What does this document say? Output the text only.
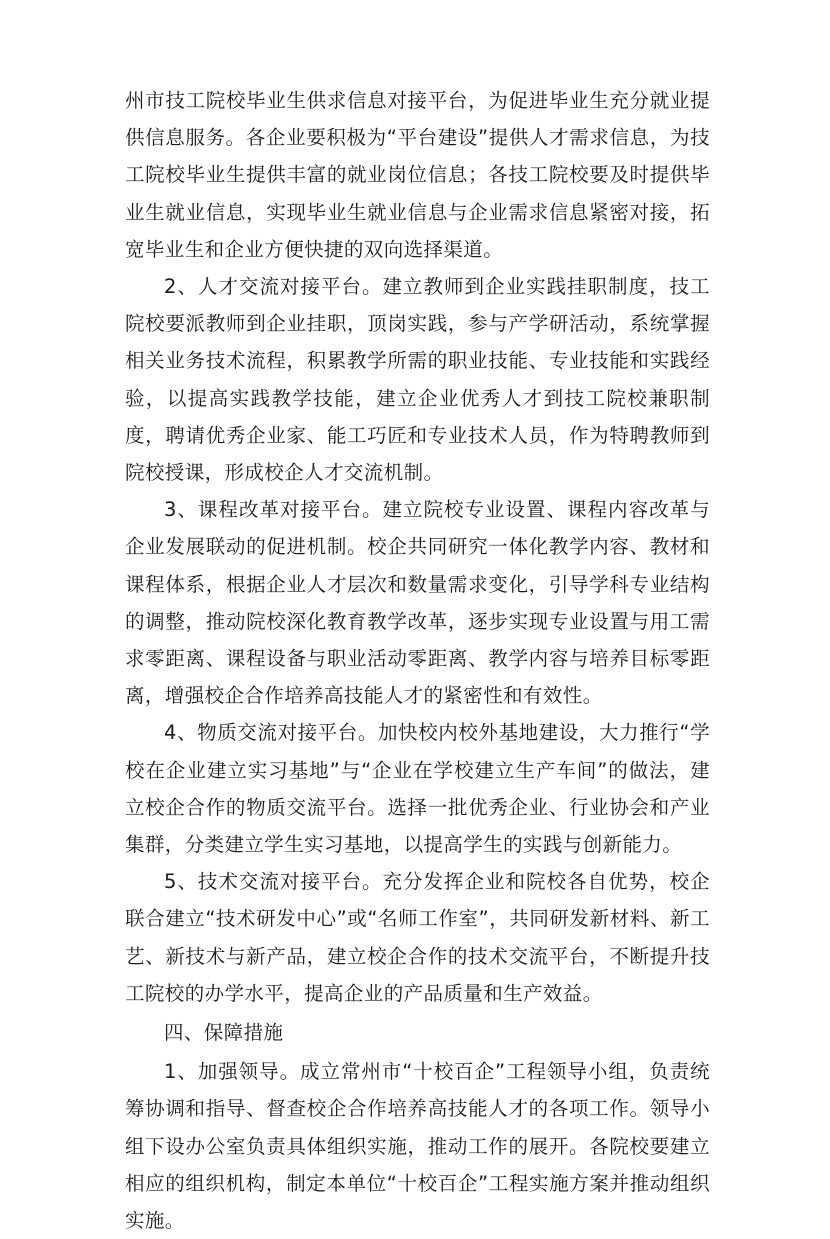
州市技工院校毕业生供求信息对接平台，为促进毕业生充分就业提供信息服务。各企业要积极为“平台建设”提供人才需求信息，为技工院校毕业生提供丰富的就业岗位信息；各技工院校要及时提供毕业生就业信息，实现毕业生就业信息与企业需求信息紧密对接，拓宽毕业生和企业方便快捷的双向选择渠道。

2、人才交流对接平台。建立教师到企业实践挂职制度，技工院校要派教师到企业挂职，顶岗实践，参与产学研活动，系统掌握相关业务技术流程，积累教学所需的职业技能、专业技能和实践经验，以提高实践教学技能，建立企业优秀人才到技工院校兼职制度，聘请优秀企业家、能工巧匠和专业技术人员，作为特聘教师到院校授课，形成校企人才交流机制。

3、课程改革对接平台。建立院校专业设置、课程内容改革与企业发展联动的促进机制。校企共同研究一体化教学内容、教材和课程体系，根据企业人才层次和数量需求变化，引导学科专业结构的调整，推动院校深化教育教学改革，逐步实现专业设置与用工需求零距离、课程设备与职业活动零距离、教学内容与培养目标零距离，增强校企合作培养高技能人才的紧密性和有效性。

4、物质交流对接平台。加快校内校外基地建设，大力推行“学校在企业建立实习基地”与“企业在学校建立生产车间”的做法，建立校企合作的物质交流平台。选择一批优秀企业、行业协会和产业集群，分类建立学生实习基地，以提高学生的实践与创新能力。

5、技术交流对接平台。充分发挥企业和院校各自优势，校企联合建立“技术研发中心”或“名师工作室”，共同研发新材料、新工艺、新技术与新产品，建立校企合作的技术交流平台，不断提升技工院校的办学水平，提高企业的产品质量和生产效益。

四、保障措施

1、加强领导。成立常州市“十校百企”工程领导小组，负责统筹协调和指导、督查校企合作培养高技能人才的各项工作。领导小组下设办公室负责具体组织实施，推动工作的展开。各院校要建立相应的组织机构，制定本单位“十校百企”工程实施方案并推动组织实施。
